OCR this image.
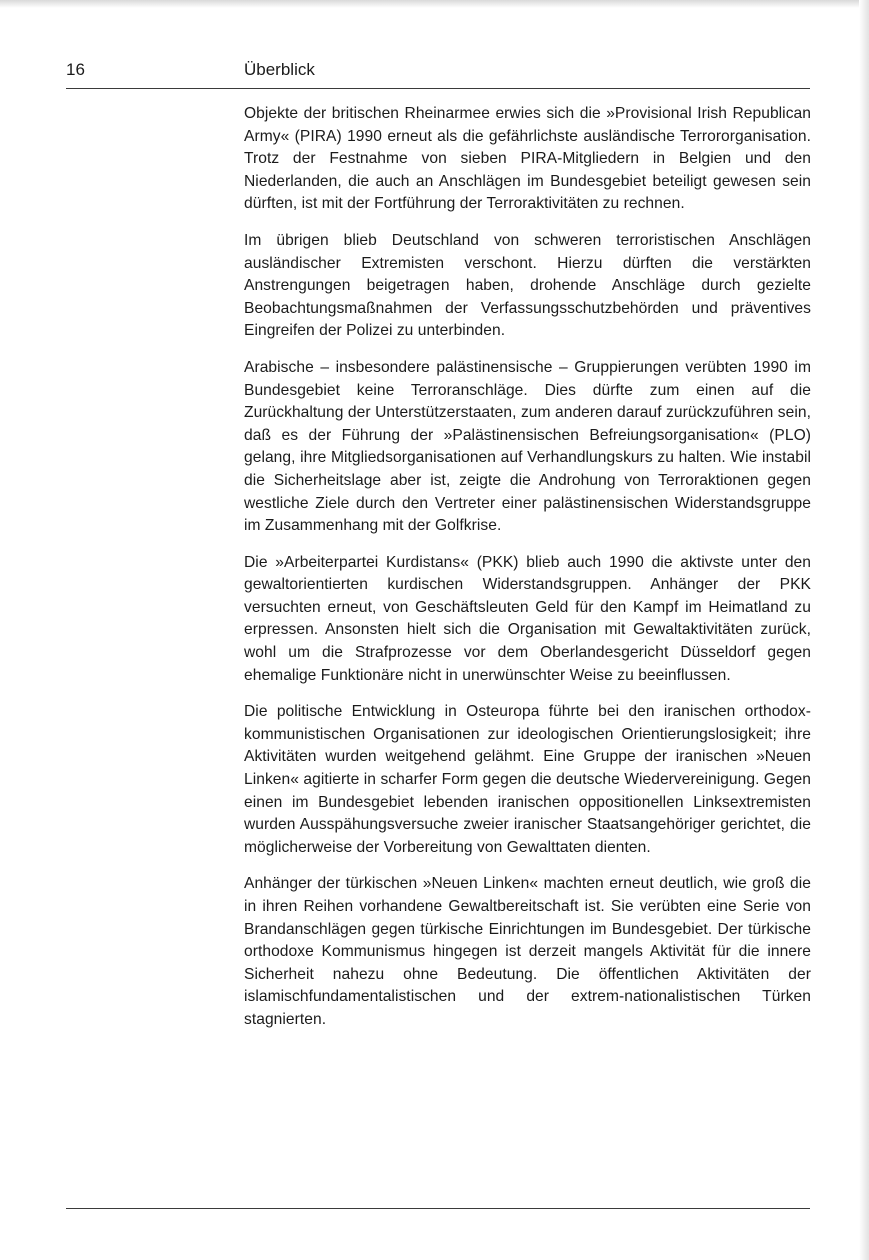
16	Überblick

Objekte der britischen Rheinarmee erwies sich die »Provisional Irish Republican Army« (PIRA) 1990 erneut als die gefährlichste ausländische Terrororganisation. Trotz der Festnahme von sieben PIRA-Mitgliedern in Belgien und den Niederlanden, die auch an Anschlägen im Bundesgebiet beteiligt gewesen sein dürften, ist mit der Fortführung der Terroraktivitäten zu rechnen.

Im übrigen blieb Deutschland von schweren terroristischen Anschlägen ausländischer Extremisten verschont. Hierzu dürften die verstärkten Anstrengungen beigetragen haben, drohende Anschläge durch gezielte Beobachtungsmaßnahmen der Verfassungsschutzbehörden und präventives Eingreifen der Polizei zu unterbinden.

Arabische – insbesondere palästinensische – Gruppierungen verübten 1990 im Bundesgebiet keine Terroranschläge. Dies dürfte zum einen auf die Zurückhaltung der Unterstützerstaaten, zum anderen darauf zurückzuführen sein, daß es der Führung der »Palästinensischen Befreiungsorganisation« (PLO) gelang, ihre Mitgliedsorganisationen auf Verhandlungskurs zu halten. Wie instabil die Sicherheitslage aber ist, zeigte die Androhung von Terroraktionen gegen westliche Ziele durch den Vertreter einer palästinensischen Widerstandsgruppe im Zusammenhang mit der Golfkrise.

Die »Arbeiterpartei Kurdistans« (PKK) blieb auch 1990 die aktivste unter den gewaltorientierten kurdischen Widerstandsgruppen. Anhänger der PKK versuchten erneut, von Geschäftsleuten Geld für den Kampf im Heimatland zu erpressen. Ansonsten hielt sich die Organisation mit Gewaltaktivitäten zurück, wohl um die Strafprozesse vor dem Oberlandesgericht Düsseldorf gegen ehemalige Funktionäre nicht in unerwünschter Weise zu beeinflussen.

Die politische Entwicklung in Osteuropa führte bei den iranischen orthodox-kommunistischen Organisationen zur ideologischen Orientierungslosigkeit; ihre Aktivitäten wurden weitgehend gelähmt. Eine Gruppe der iranischen »Neuen Linken« agitierte in scharfer Form gegen die deutsche Wiedervereinigung. Gegen einen im Bundesgebiet lebenden iranischen oppositionellen Linksextremisten wurden Ausspähungsversuche zweier iranischer Staatsangehöriger gerichtet, die möglicherweise der Vorbereitung von Gewalttaten dienten.

Anhänger der türkischen »Neuen Linken« machten erneut deutlich, wie groß die in ihren Reihen vorhandene Gewaltbereitschaft ist. Sie verübten eine Serie von Brandanschlägen gegen türkische Einrichtungen im Bundesgebiet. Der türkische orthodoxe Kommunismus hingegen ist derzeit mangels Aktivität für die innere Sicherheit nahezu ohne Bedeutung. Die öffentlichen Aktivitäten der islamischfundamentalistischen und der extrem-nationalistischen Türken stagnierten.
